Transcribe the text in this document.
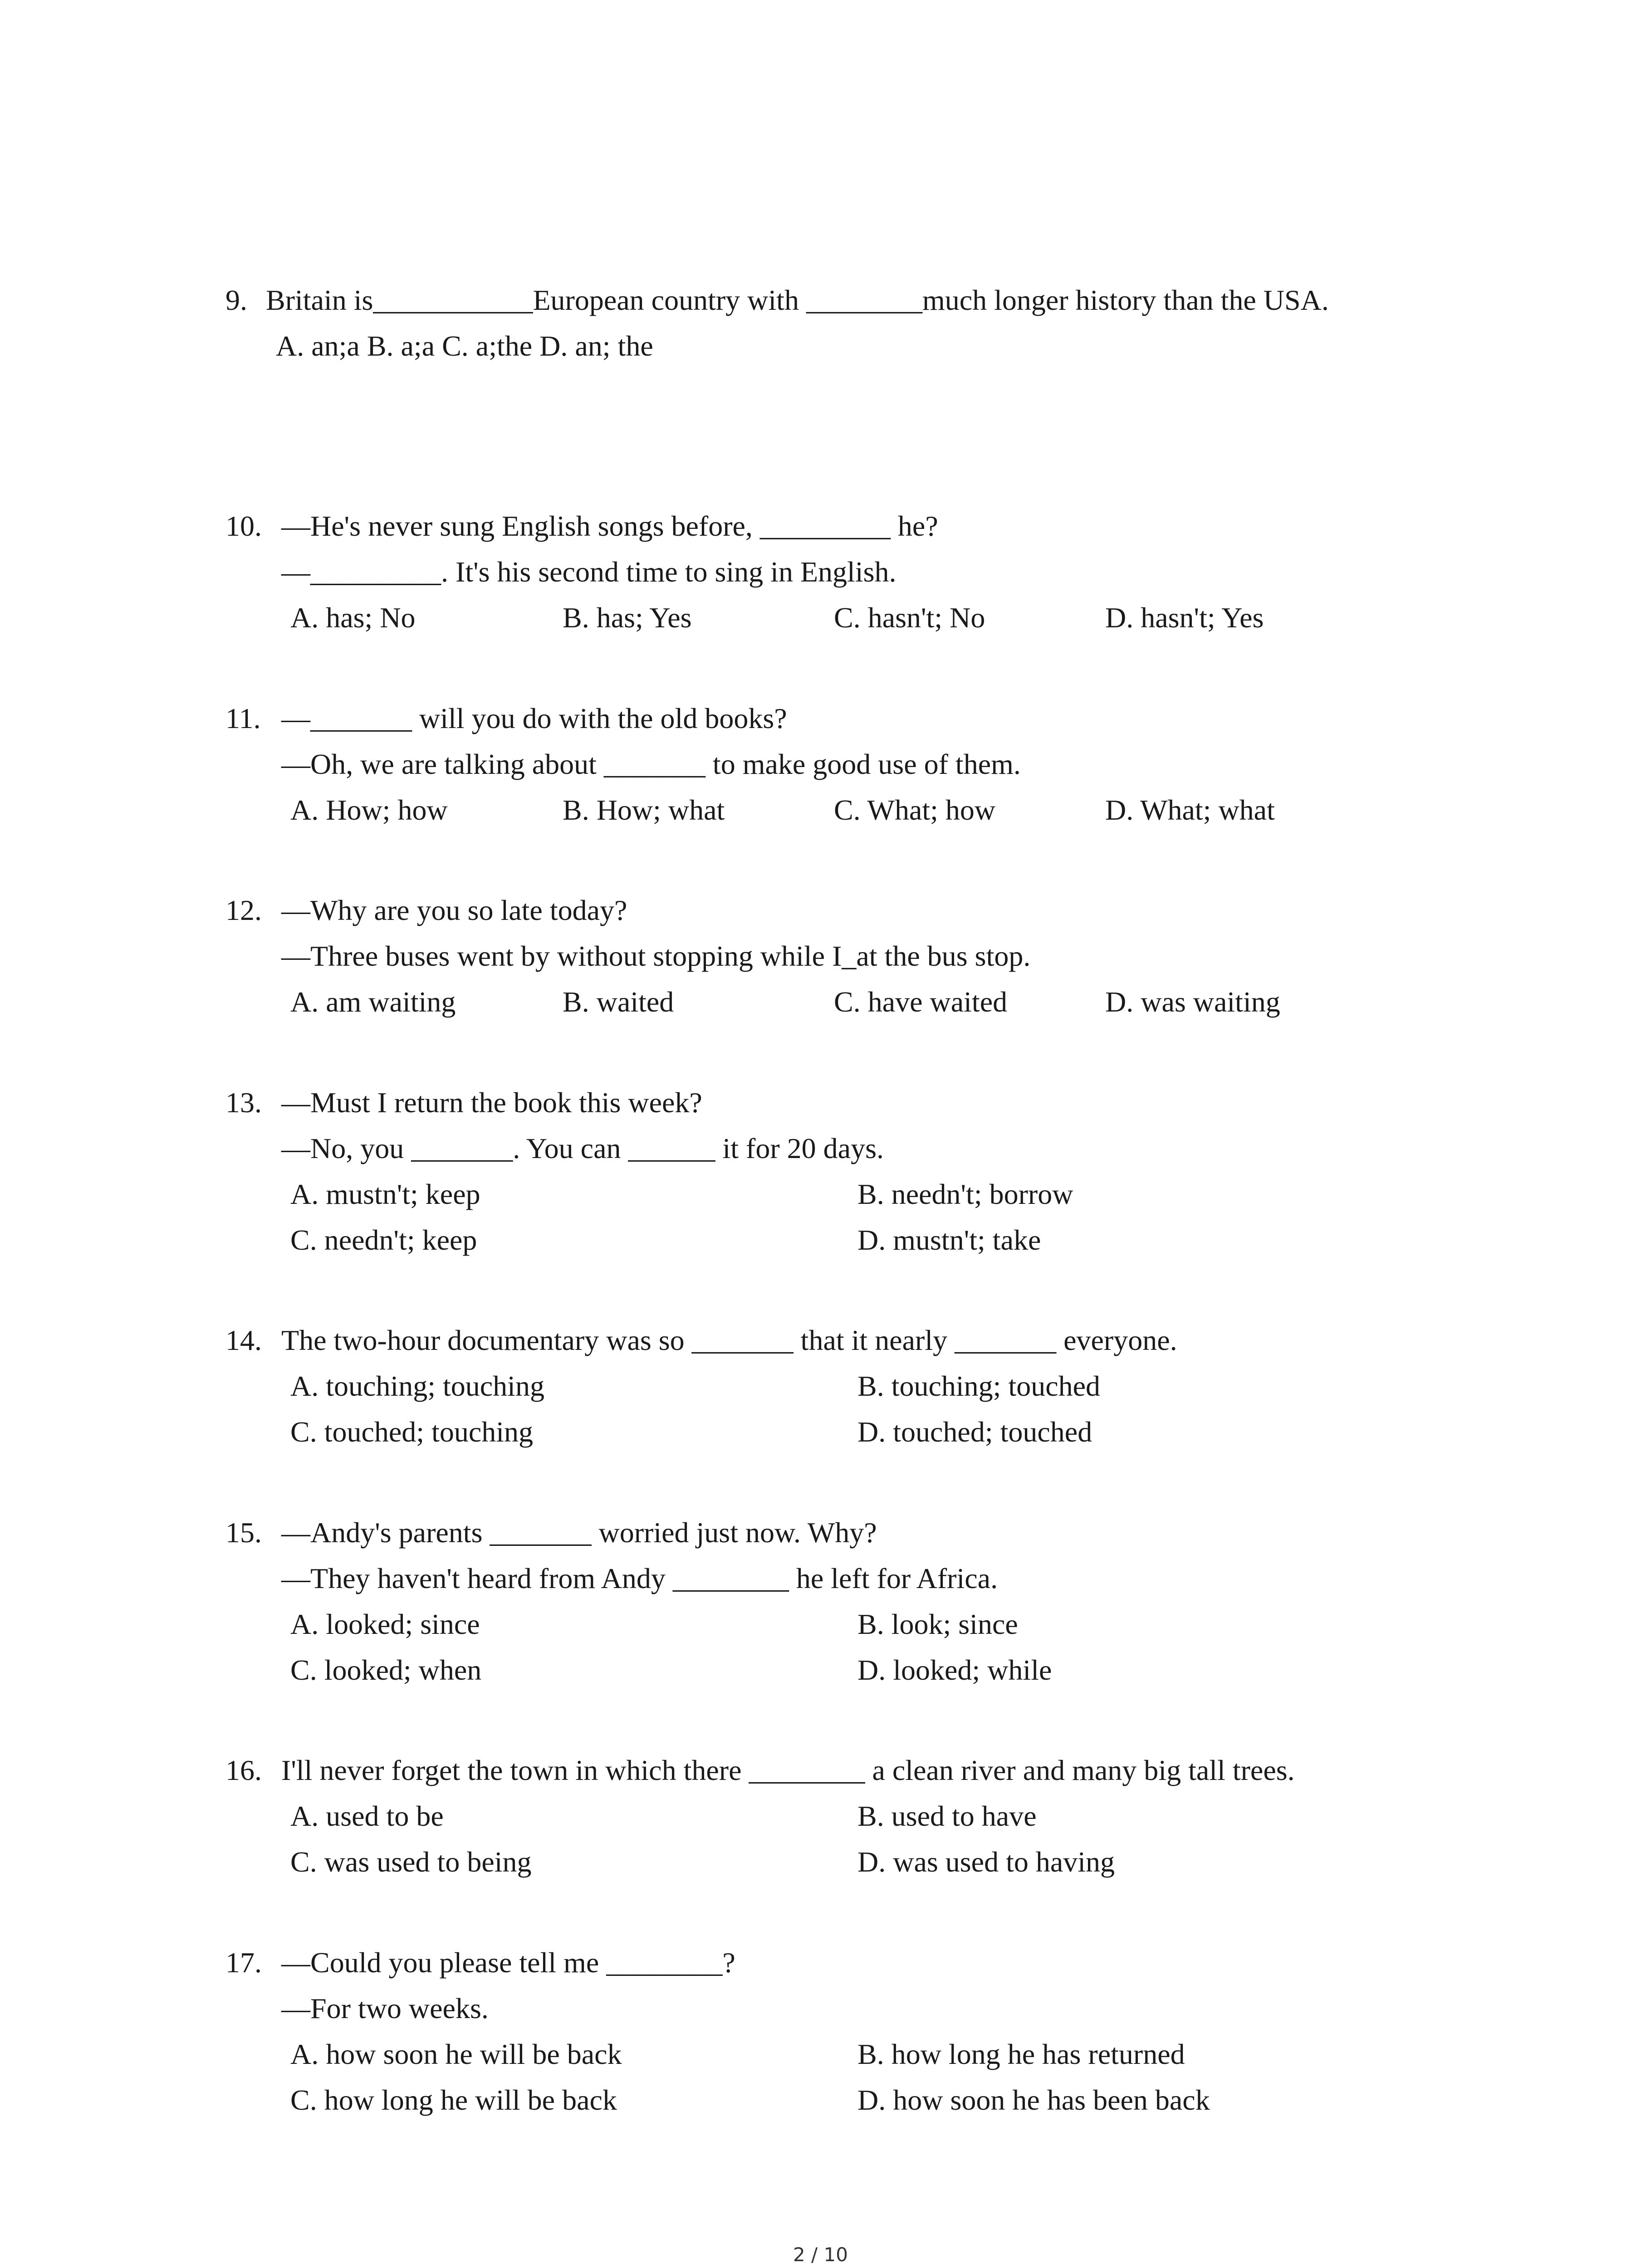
9. Britain is___________European country with ________much longer history than the USA.
A. an;a B. a;a C. a;the D. an; the
10. —He's never sung English songs before, _________ he?
—_________. It's his second time to sing in English.
A. has; No	B. has; Yes	C. hasn't; No	D. hasn't; Yes
11. —_______ will you do with the old books?
—Oh, we are talking about _______ to make good use of them.
A. How; how	B. How; what	C. What; how	D. What; what
12. —Why are you so late today?
—Three buses went by without stopping while I_at the bus stop.
A. am waiting	B. waited	C. have waited	D. was waiting
13. —Must I return the book this week?
—No, you _______. You can ______ it for 20 days.
A. mustn't; keep	B. needn't; borrow
C. needn't; keep	D. mustn't; take
14. The two-hour documentary was so _______ that it nearly _______ everyone.
A. touching; touching	B. touching; touched
C. touched; touching	D. touched; touched
15. —Andy's parents _______ worried just now. Why?
—They haven't heard from Andy ________ he left for Africa.
A. looked; since	B. look; since
C. looked; when	D. looked; while
16. I'll never forget the town in which there ________ a clean river and many big tall trees.
A. used to be	B. used to have
C. was used to being	D. was used to having
17. —Could you please tell me ________?
—For two weeks.
A. how soon he will be back	B. how long he has returned
C. how long he will be back	D. how soon he has been back
2 / 10
